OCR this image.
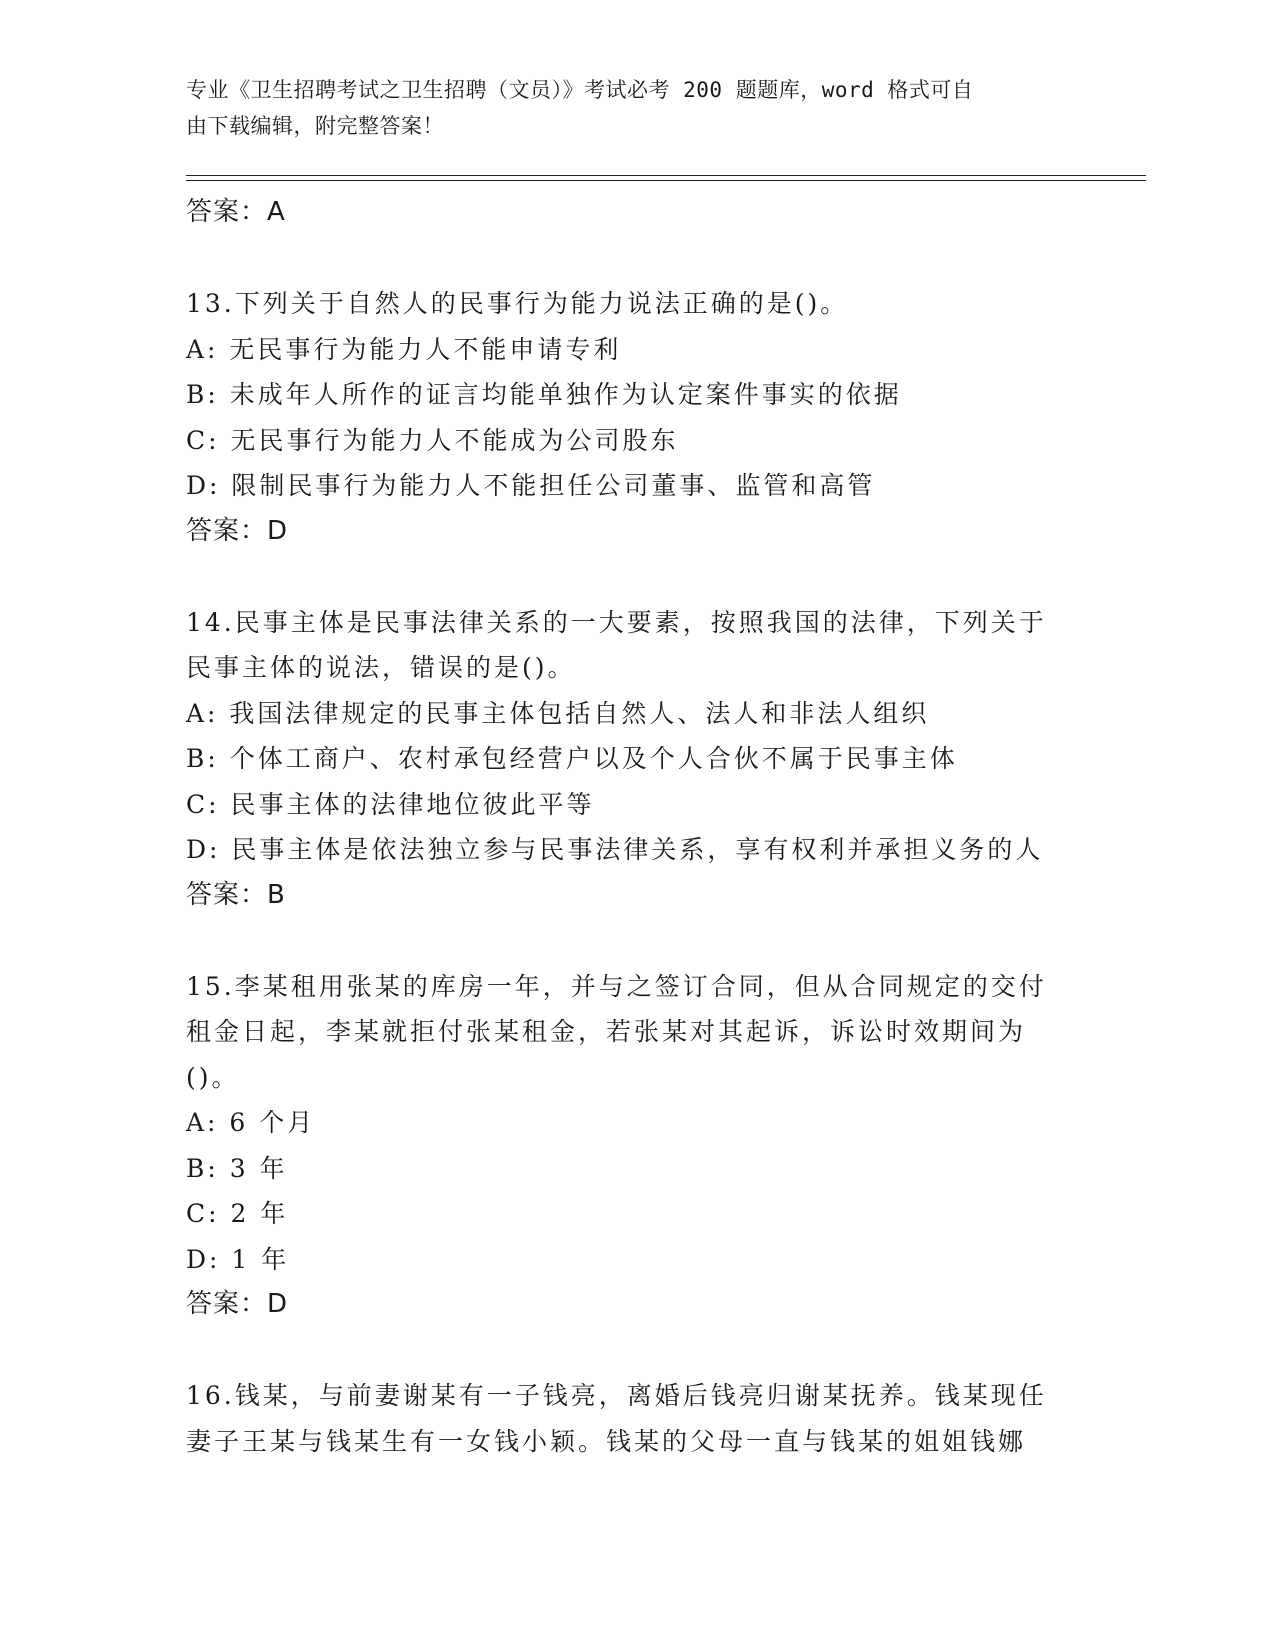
专业《卫生招聘考试之卫生招聘（文员）》考试必考 200 题题库，word 格式可自
由下载编辑，附完整答案！
答案：A
13.下列关于自然人的民事行为能力说法正确的是()。
A: 无民事行为能力人不能申请专利
B: 未成年人所作的证言均能单独作为认定案件事实的依据
C: 无民事行为能力人不能成为公司股东
D: 限制民事行为能力人不能担任公司董事、监管和高管
答案：D
14.民事主体是民事法律关系的一大要素，按照我国的法律，下列关于
民事主体的说法，错误的是()。
A: 我国法律规定的民事主体包括自然人、法人和非法人组织
B: 个体工商户、农村承包经营户以及个人合伙不属于民事主体
C: 民事主体的法律地位彼此平等
D: 民事主体是依法独立参与民事法律关系，享有权利并承担义务的人
答案：B
15.李某租用张某的库房一年，并与之签订合同，但从合同规定的交付
租金日起，李某就拒付张某租金，若张某对其起诉，诉讼时效期间为
()。
A: 6 个月
B: 3 年
C: 2 年
D: 1 年
答案：D
16.钱某，与前妻谢某有一子钱亮，离婚后钱亮归谢某抚养。钱某现任
妻子王某与钱某生有一女钱小颖。钱某的父母一直与钱某的姐姐钱娜
